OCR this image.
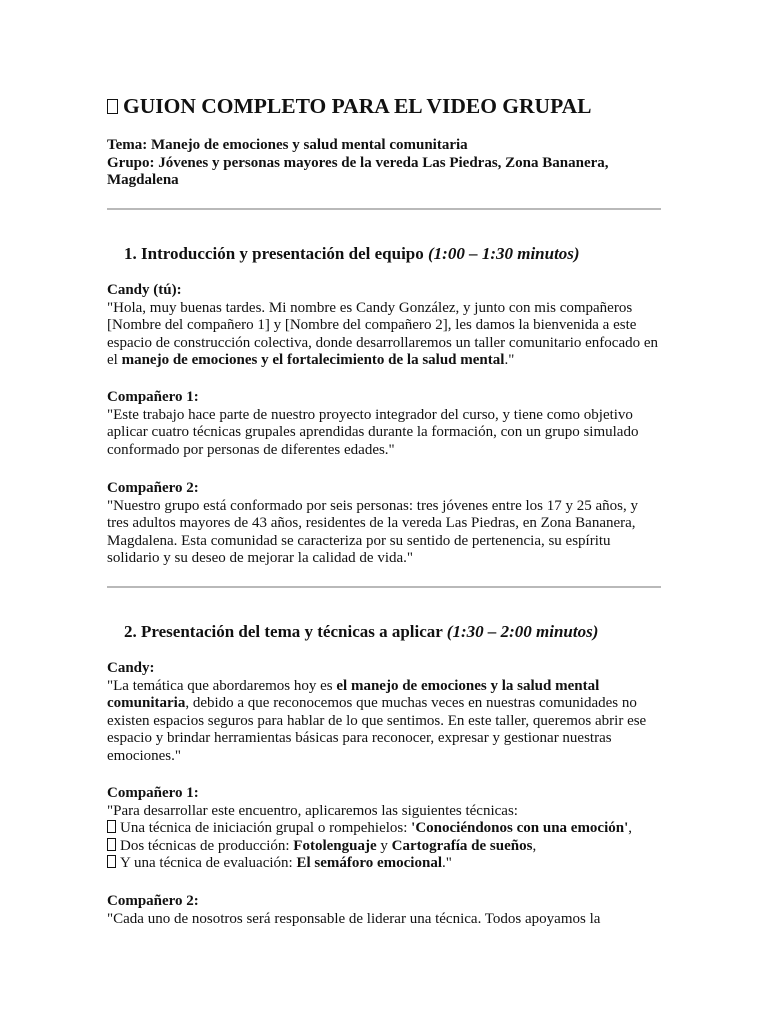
GUION COMPLETO PARA EL VIDEO GRUPAL

Tema: Manejo de emociones y salud mental comunitaria

Grupo: Jóvenes y personas mayores de la vereda Las Piedras, Zona Bananera, Magdalena

1. Introducción y presentación del equipo (1:00 – 1:30 minutos)
Candy (tú):

"Hola, muy buenas tardes. Mi nombre es Candy González, y junto con mis compañeros [Nombre del compañero 1] y [Nombre del compañero 2], les damos la bienvenida a este espacio de construcción colectiva, donde desarrollaremos un taller comunitario enfocado en el manejo de emociones y el fortalecimiento de la salud mental."

Compañero 1:

"Este trabajo hace parte de nuestro proyecto integrador del curso, y tiene como objetivo aplicar cuatro técnicas grupales aprendidas durante la formación, con un grupo simulado conformado por personas de diferentes edades."

Compañero 2:

"Nuestro grupo está conformado por seis personas: tres jóvenes entre los 17 y 25 años, y tres adultos mayores de 43 años, residentes de la vereda Las Piedras, en Zona Bananera, Magdalena. Esta comunidad se caracteriza por su sentido de pertenencia, su espíritu solidario y su deseo de mejorar la calidad de vida."

2. Presentación del tema y técnicas a aplicar (1:30 – 2:00 minutos)
Candy:

"La temática que abordaremos hoy es el manejo de emociones y la salud mental comunitaria, debido a que reconocemos que muchas veces en nuestras comunidades no existen espacios seguros para hablar de lo que sentimos. En este taller, queremos abrir ese espacio y brindar herramientas básicas para reconocer, expresar y gestionar nuestras emociones."

Compañero 1:

"Para desarrollar este encuentro, aplicaremos las siguientes técnicas:

Una técnica de iniciación grupal o rompehielos: 'Conociéndonos con una emoción',

Dos técnicas de producción: Fotolenguaje y Cartografía de sueños,

Y una técnica de evaluación: El semáforo emocional."

Compañero 2:

"Cada uno de nosotros será responsable de liderar una técnica. Todos apoyamos la
